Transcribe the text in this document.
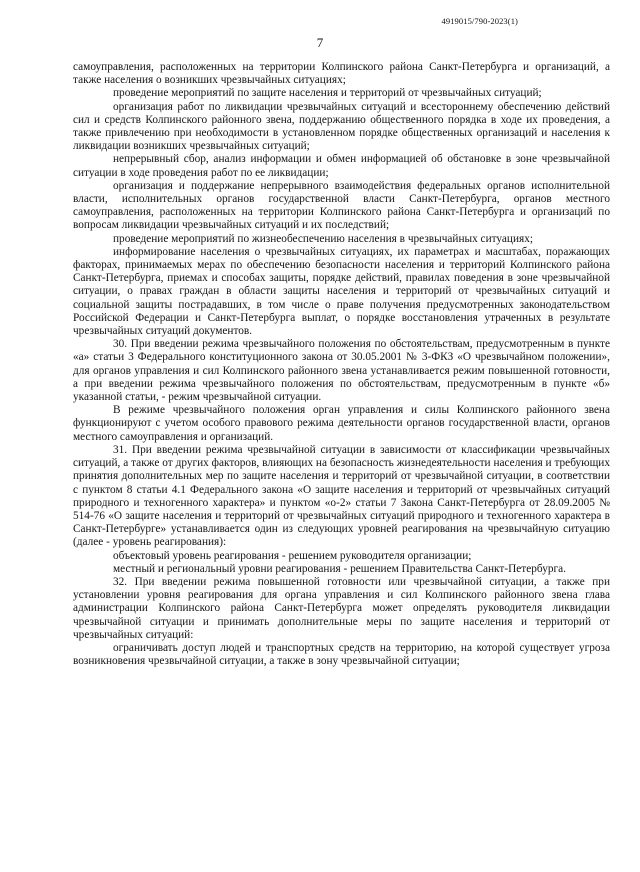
4919015/790-2023(1)
7

самоуправления, расположенных на территории Колпинского района Санкт-Петербурга и организаций, а также населения о возникших чрезвычайных ситуациях;

проведение мероприятий по защите населения и территорий от чрезвычайных ситуаций;

организация работ по ликвидации чрезвычайных ситуаций и всестороннему обеспечению действий сил и средств Колпинского районного звена, поддержанию общественного порядка в ходе их проведения, а также привлечению при необходимости в установленном порядке общественных организаций и населения к ликвидации возникших чрезвычайных ситуаций;

непрерывный сбор, анализ информации и обмен информацией об обстановке в зоне чрезвычайной ситуации в ходе проведения работ по ее ликвидации;

организация и поддержание непрерывного взаимодействия федеральных органов исполнительной власти, исполнительных органов государственной власти Санкт-Петербурга, органов местного самоуправления, расположенных на территории Колпинского района Санкт-Петербурга и организаций по вопросам ликвидации чрезвычайных ситуаций и их последствий;

проведение мероприятий по жизнеобеспечению населения в чрезвычайных ситуациях;

информирование населения о чрезвычайных ситуациях, их параметрах и масштабах, поражающих факторах, принимаемых мерах по обеспечению безопасности населения и территорий Колпинского района Санкт-Петербурга, приемах и способах защиты, порядке действий, правилах поведения в зоне чрезвычайной ситуации, о правах граждан в области защиты населения и территорий от чрезвычайных ситуаций и социальной защиты пострадавших, в том числе о праве получения предусмотренных законодательством Российской Федерации и Санкт-Петербурга выплат, о порядке восстановления утраченных в результате чрезвычайных ситуаций документов.

30. При введении режима чрезвычайного положения по обстоятельствам, предусмотренным в пункте «а» статьи 3 Федерального конституционного закона от 30.05.2001 № 3-ФКЗ «О чрезвычайном положении», для органов управления и сил Колпинского районного звена устанавливается режим повышенной готовности, а при введении режима чрезвычайного положения по обстоятельствам, предусмотренным в пункте «б» указанной статьи, - режим чрезвычайной ситуации.

В режиме чрезвычайного положения орган управления и силы Колпинского районного звена функционируют с учетом особого правового режима деятельности органов государственной власти, органов местного самоуправления и организаций.

31. При введении режима чрезвычайной ситуации в зависимости от классификации чрезвычайных ситуаций, а также от других факторов, влияющих на безопасность жизнедеятельности населения и требующих принятия дополнительных мер по защите населения и территорий от чрезвычайной ситуации, в соответствии с пунктом 8 статьи 4.1 Федерального закона «О защите населения и территорий от чрезвычайных ситуаций природного и техногенного характера» и пунктом «о-2» статьи 7 Закона Санкт-Петербурга от 28.09.2005 № 514-76 «О защите населения и территорий от чрезвычайных ситуаций природного и техногенного характера в Санкт-Петербурге» устанавливается один из следующих уровней реагирования на чрезвычайную ситуацию (далее - уровень реагирования):

объектовый уровень реагирования - решением руководителя организации;

местный и региональный уровни реагирования - решением Правительства Санкт-Петербурга.

32. При введении режима повышенной готовности или чрезвычайной ситуации, а также при установлении уровня реагирования для органа управления и сил Колпинского районного звена глава администрации Колпинского района Санкт-Петербурга может определять руководителя ликвидации чрезвычайной ситуации и принимать дополнительные меры по защите населения и территорий от чрезвычайных ситуаций:

ограничивать доступ людей и транспортных средств на территорию, на которой существует угроза возникновения чрезвычайной ситуации, а также в зону чрезвычайной ситуации;
